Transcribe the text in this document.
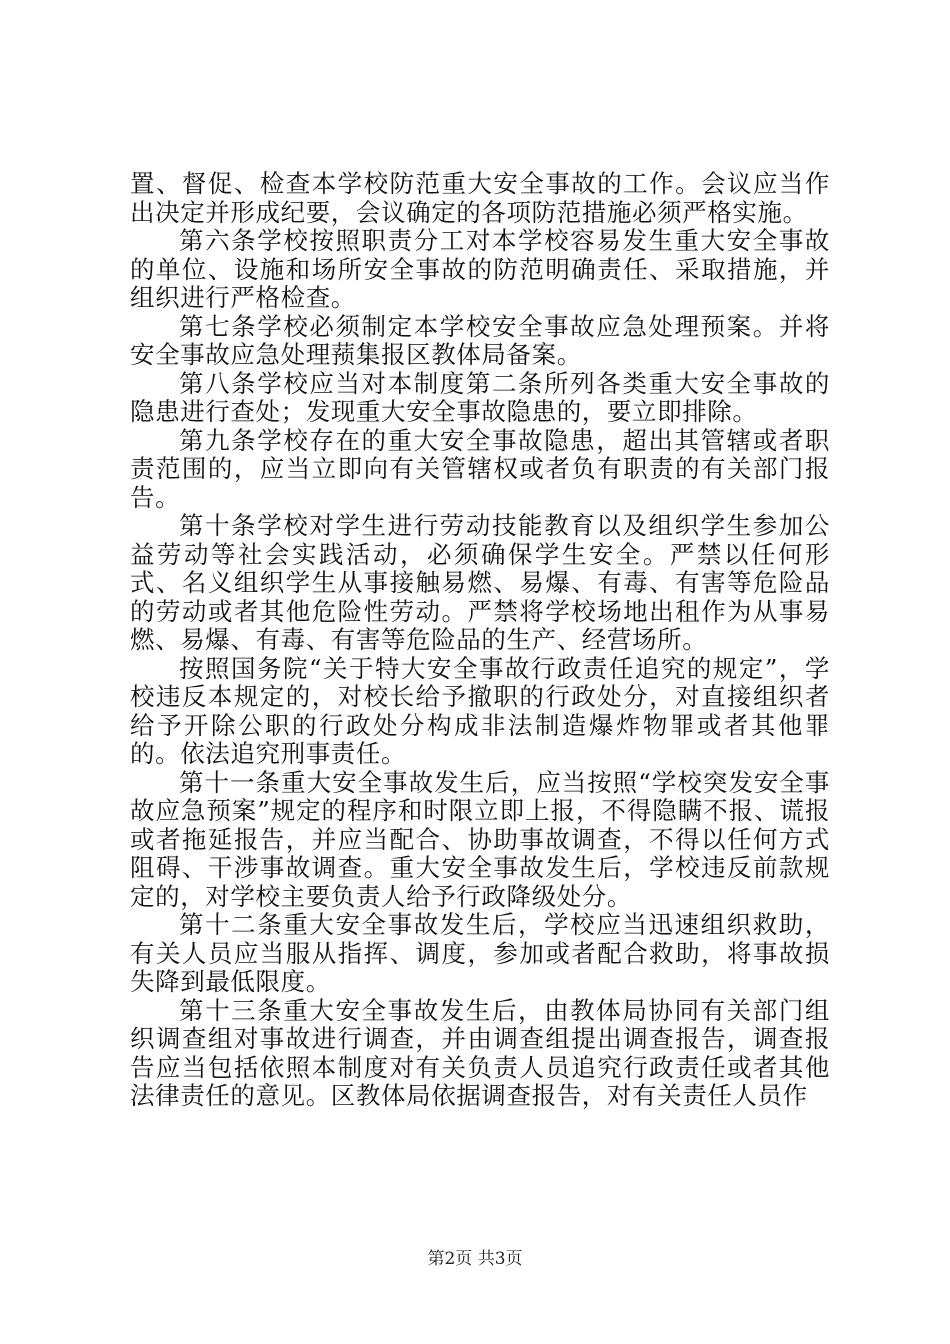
置、督促、检查本学校防范重大安全事故的工作。会议应当作出决定并形成纪要，会议确定的各项防范措施必须严格实施。

第六条学校按照职责分工对本学校容易发生重大安全事故的单位、设施和场所安全事故的防范明确责任、采取措施，并组织进行严格检查。

第七条学校必须制定本学校安全事故应急处理预案。并将安全事故应急处理蓣集报区教体局备案。

第八条学校应当对本制度第二条所列各类重大安全事故的隐患进行查处；发现重大安全事故隐患的，要立即排除。

第九条学校存在的重大安全事故隐患，超出其管辖或者职责范围的，应当立即向有关管辖权或者负有职责的有关部门报告。

第十条学校对学生进行劳动技能教育以及组织学生参加公益劳动等社会实践活动，必须确保学生安全。严禁以任何形式、名义组织学生从事接触易燃、易爆、有毒、有害等危险品的劳动或者其他危险性劳动。严禁将学校场地出租作为从事易燃、易爆、有毒、有害等危险品的生产、经营场所。

按照国务院“关于特大安全事故行政责任追究的规定”，学校违反本规定的，对校长给予撤职的行政处分，对直接组织者给予开除公职的行政处分构成非法制造爆炸物罪或者其他罪的。依法追究刑事责任。

第十一条重大安全事故发生后，应当按照“学校突发安全事故应急预案”规定的程序和时限立即上报，不得隐瞒不报、谎报或者拖延报告，并应当配合、协助事故调查，不得以任何方式阻碍、干涉事故调查。重大安全事故发生后，学校违反前款规定的，对学校主要负责人给予行政降级处分。

第十二条重大安全事故发生后，学校应当迅速组织救助，有关人员应当服从指挥、调度，参加或者配合救助，将事故损失降到最低限度。

第十三条重大安全事故发生后，由教体局协同有关部门组织调查组对事故进行调查，并由调查组提出调查报告，调查报告应当包括依照本制度对有关负责人员追究行政责任或者其他法律责任的意见。区教体局依据调查报告，对有关责任人员作

第2页 共3页
